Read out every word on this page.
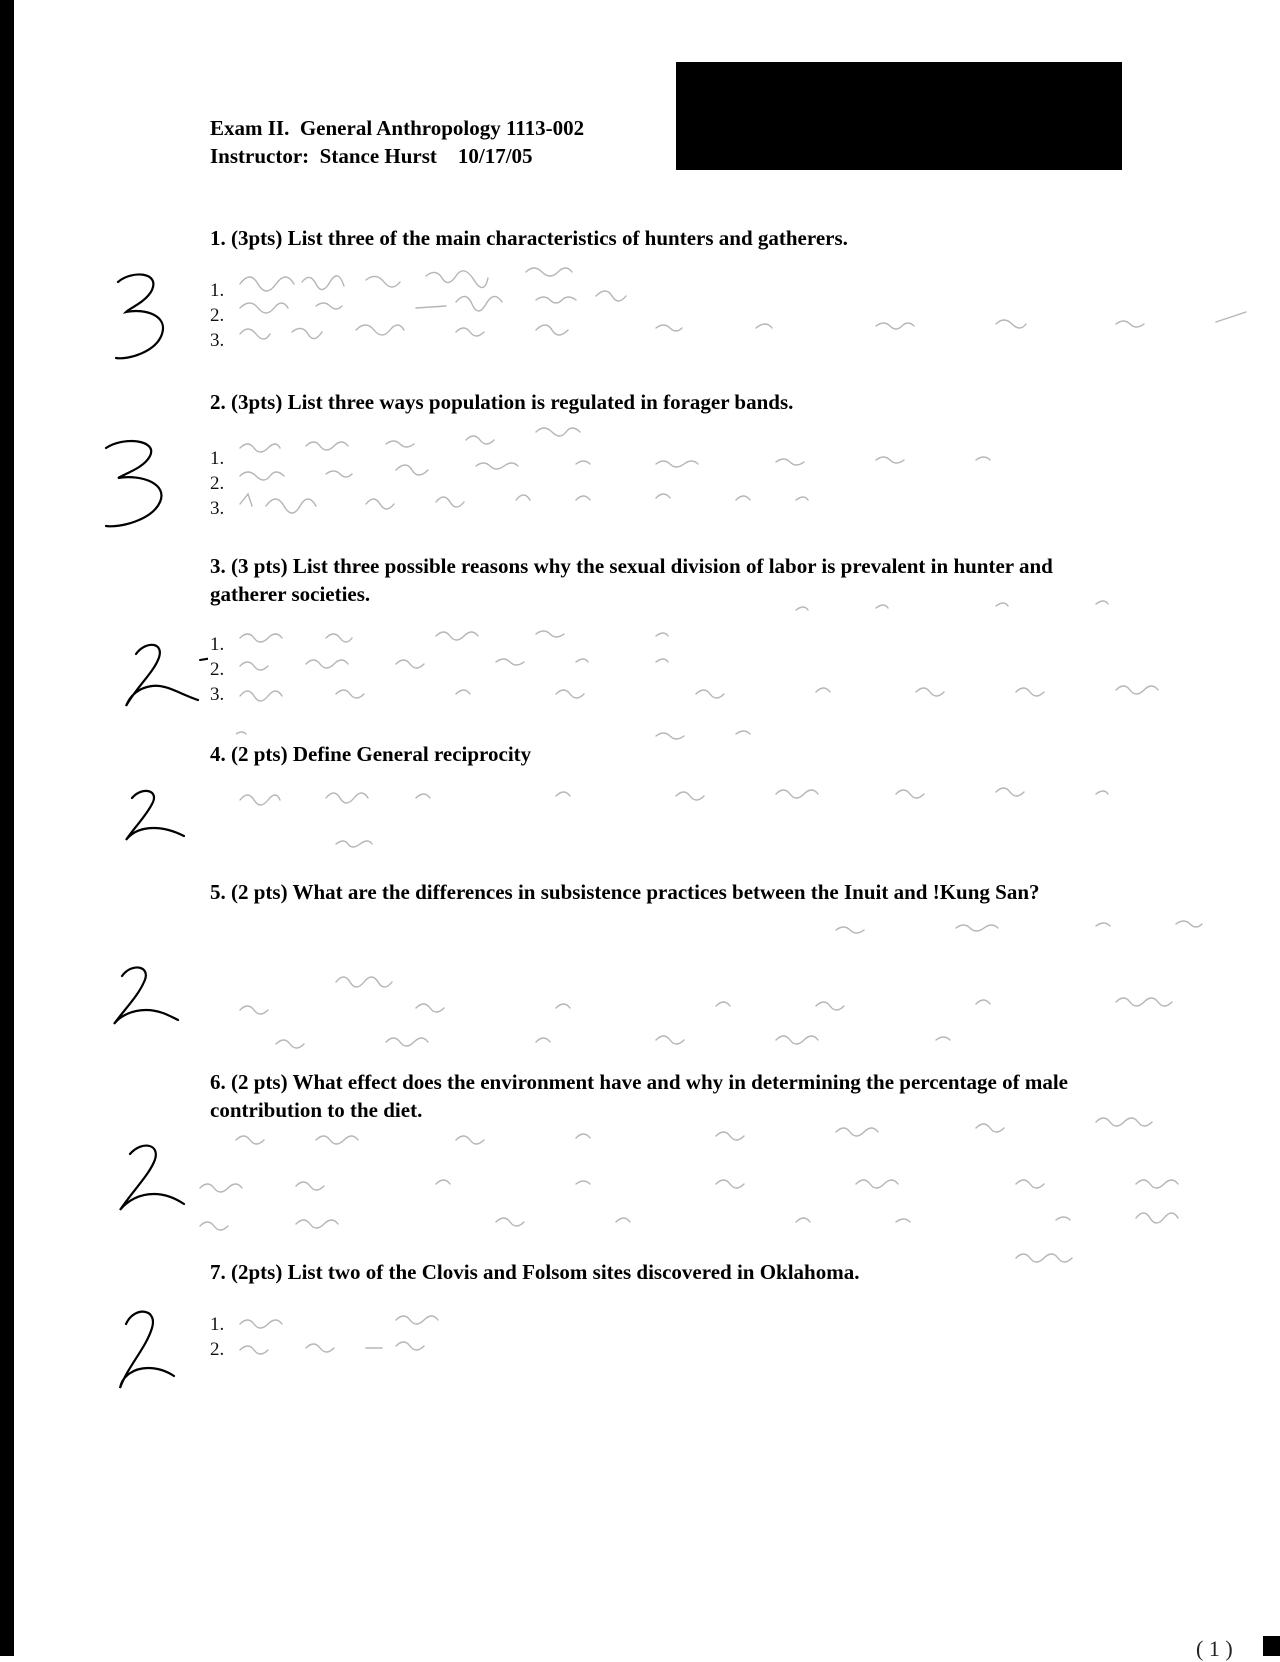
Exam II.  General Anthropology 1113-002
Instructor:  Stance Hurst    10/17/05
1. (3pts) List three of the main characteristics of hunters and gatherers.
1.
2.
3.
2. (3pts) List three ways population is regulated in forager bands.
1.
2.
3.
3. (3 pts) List three possible reasons why the sexual division of labor is prevalent in hunter and gatherer societies.
1.
2.
3.
4. (2 pts) Define General reciprocity
5. (2 pts) What are the differences in subsistence practices between the Inuit and !Kung San?
6. (2 pts) What effect does the environment have and why in determining the percentage of male contribution to the diet.
7. (2pts) List two of the Clovis and Folsom sites discovered in Oklahoma.
1.
2.
( 1 )
